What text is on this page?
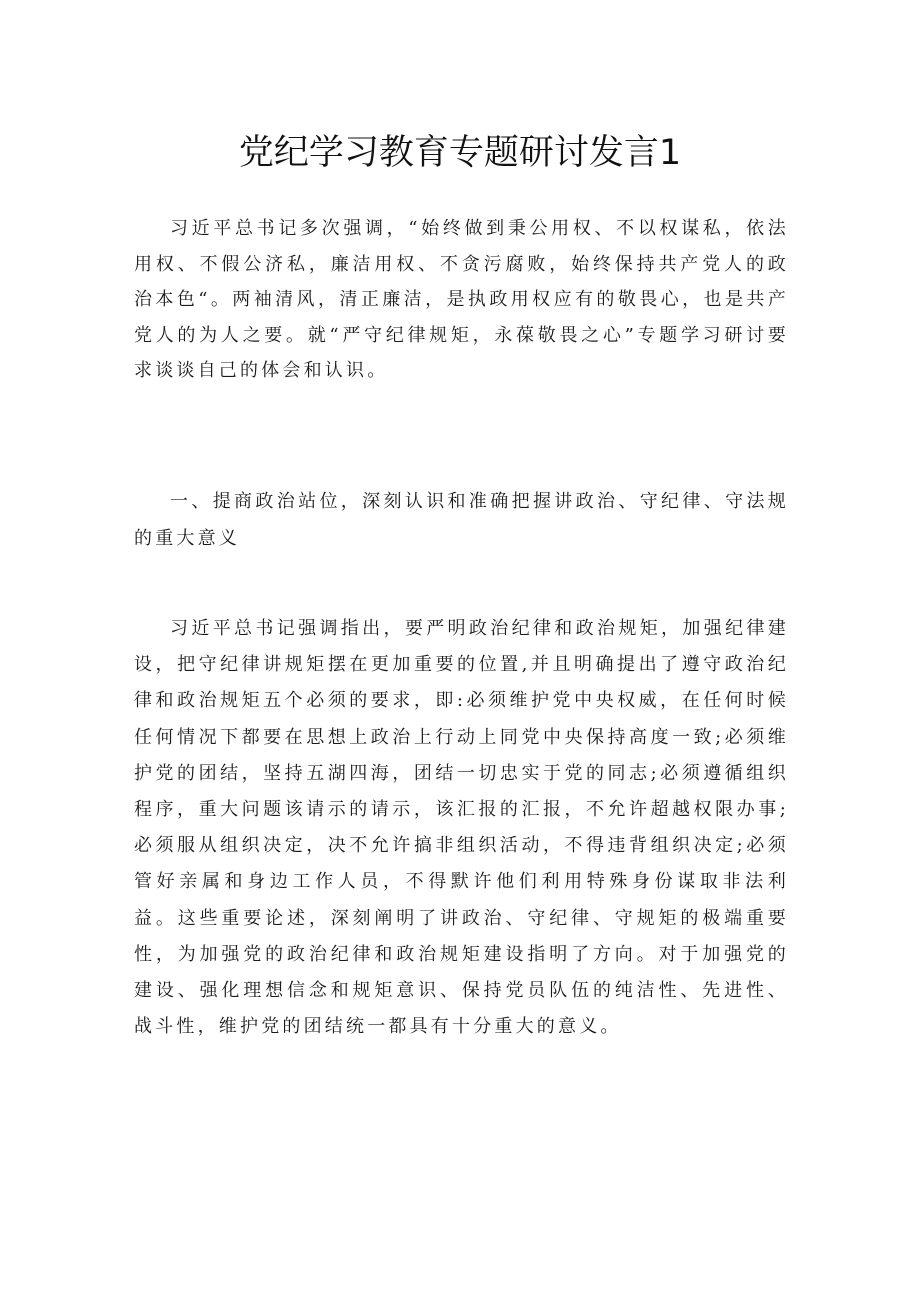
党纪学习教育专题研讨发言1

习近平总书记多次强调，“始终做到秉公用权、不以权谋私，依法用权、不假公济私，廉洁用权、不贪污腐败，始终保持共产党人的政治本色“。两袖清风，清正廉洁，是执政用权应有的敬畏心，也是共产党人的为人之要。就“严守纪律规矩，永葆敬畏之心”专题学习研讨要求谈谈自己的体会和认识。

一、提商政治站位，深刻认识和准确把握讲政治、守纪律、守法规的重大意义

习近平总书记强调指出，要严明政治纪律和政治规矩，加强纪律建设，把守纪律讲规矩摆在更加重要的位置,并且明确提出了遵守政治纪律和政治规矩五个必须的要求，即:必须维护党中央权威，在任何时候任何情况下都要在思想上政治上行动上同党中央保持高度一致;必须维护党的团结，坚持五湖四海，团结一切忠实于党的同志;必须遵循组织程序，重大问题该请示的请示，该汇报的汇报，不允许超越权限办事;必须服从组织决定，决不允许搞非组织活动，不得违背组织决定;必须管好亲属和身边工作人员，不得默许他们利用特殊身份谋取非法利益。这些重要论述，深刻阐明了讲政治、守纪律、守规矩的极端重要性，为加强党的政治纪律和政治规矩建设指明了方向。对于加强党的建设、强化理想信念和规矩意识、保持党员队伍的纯洁性、先进性、战斗性，维护党的团结统一都具有十分重大的意义。
